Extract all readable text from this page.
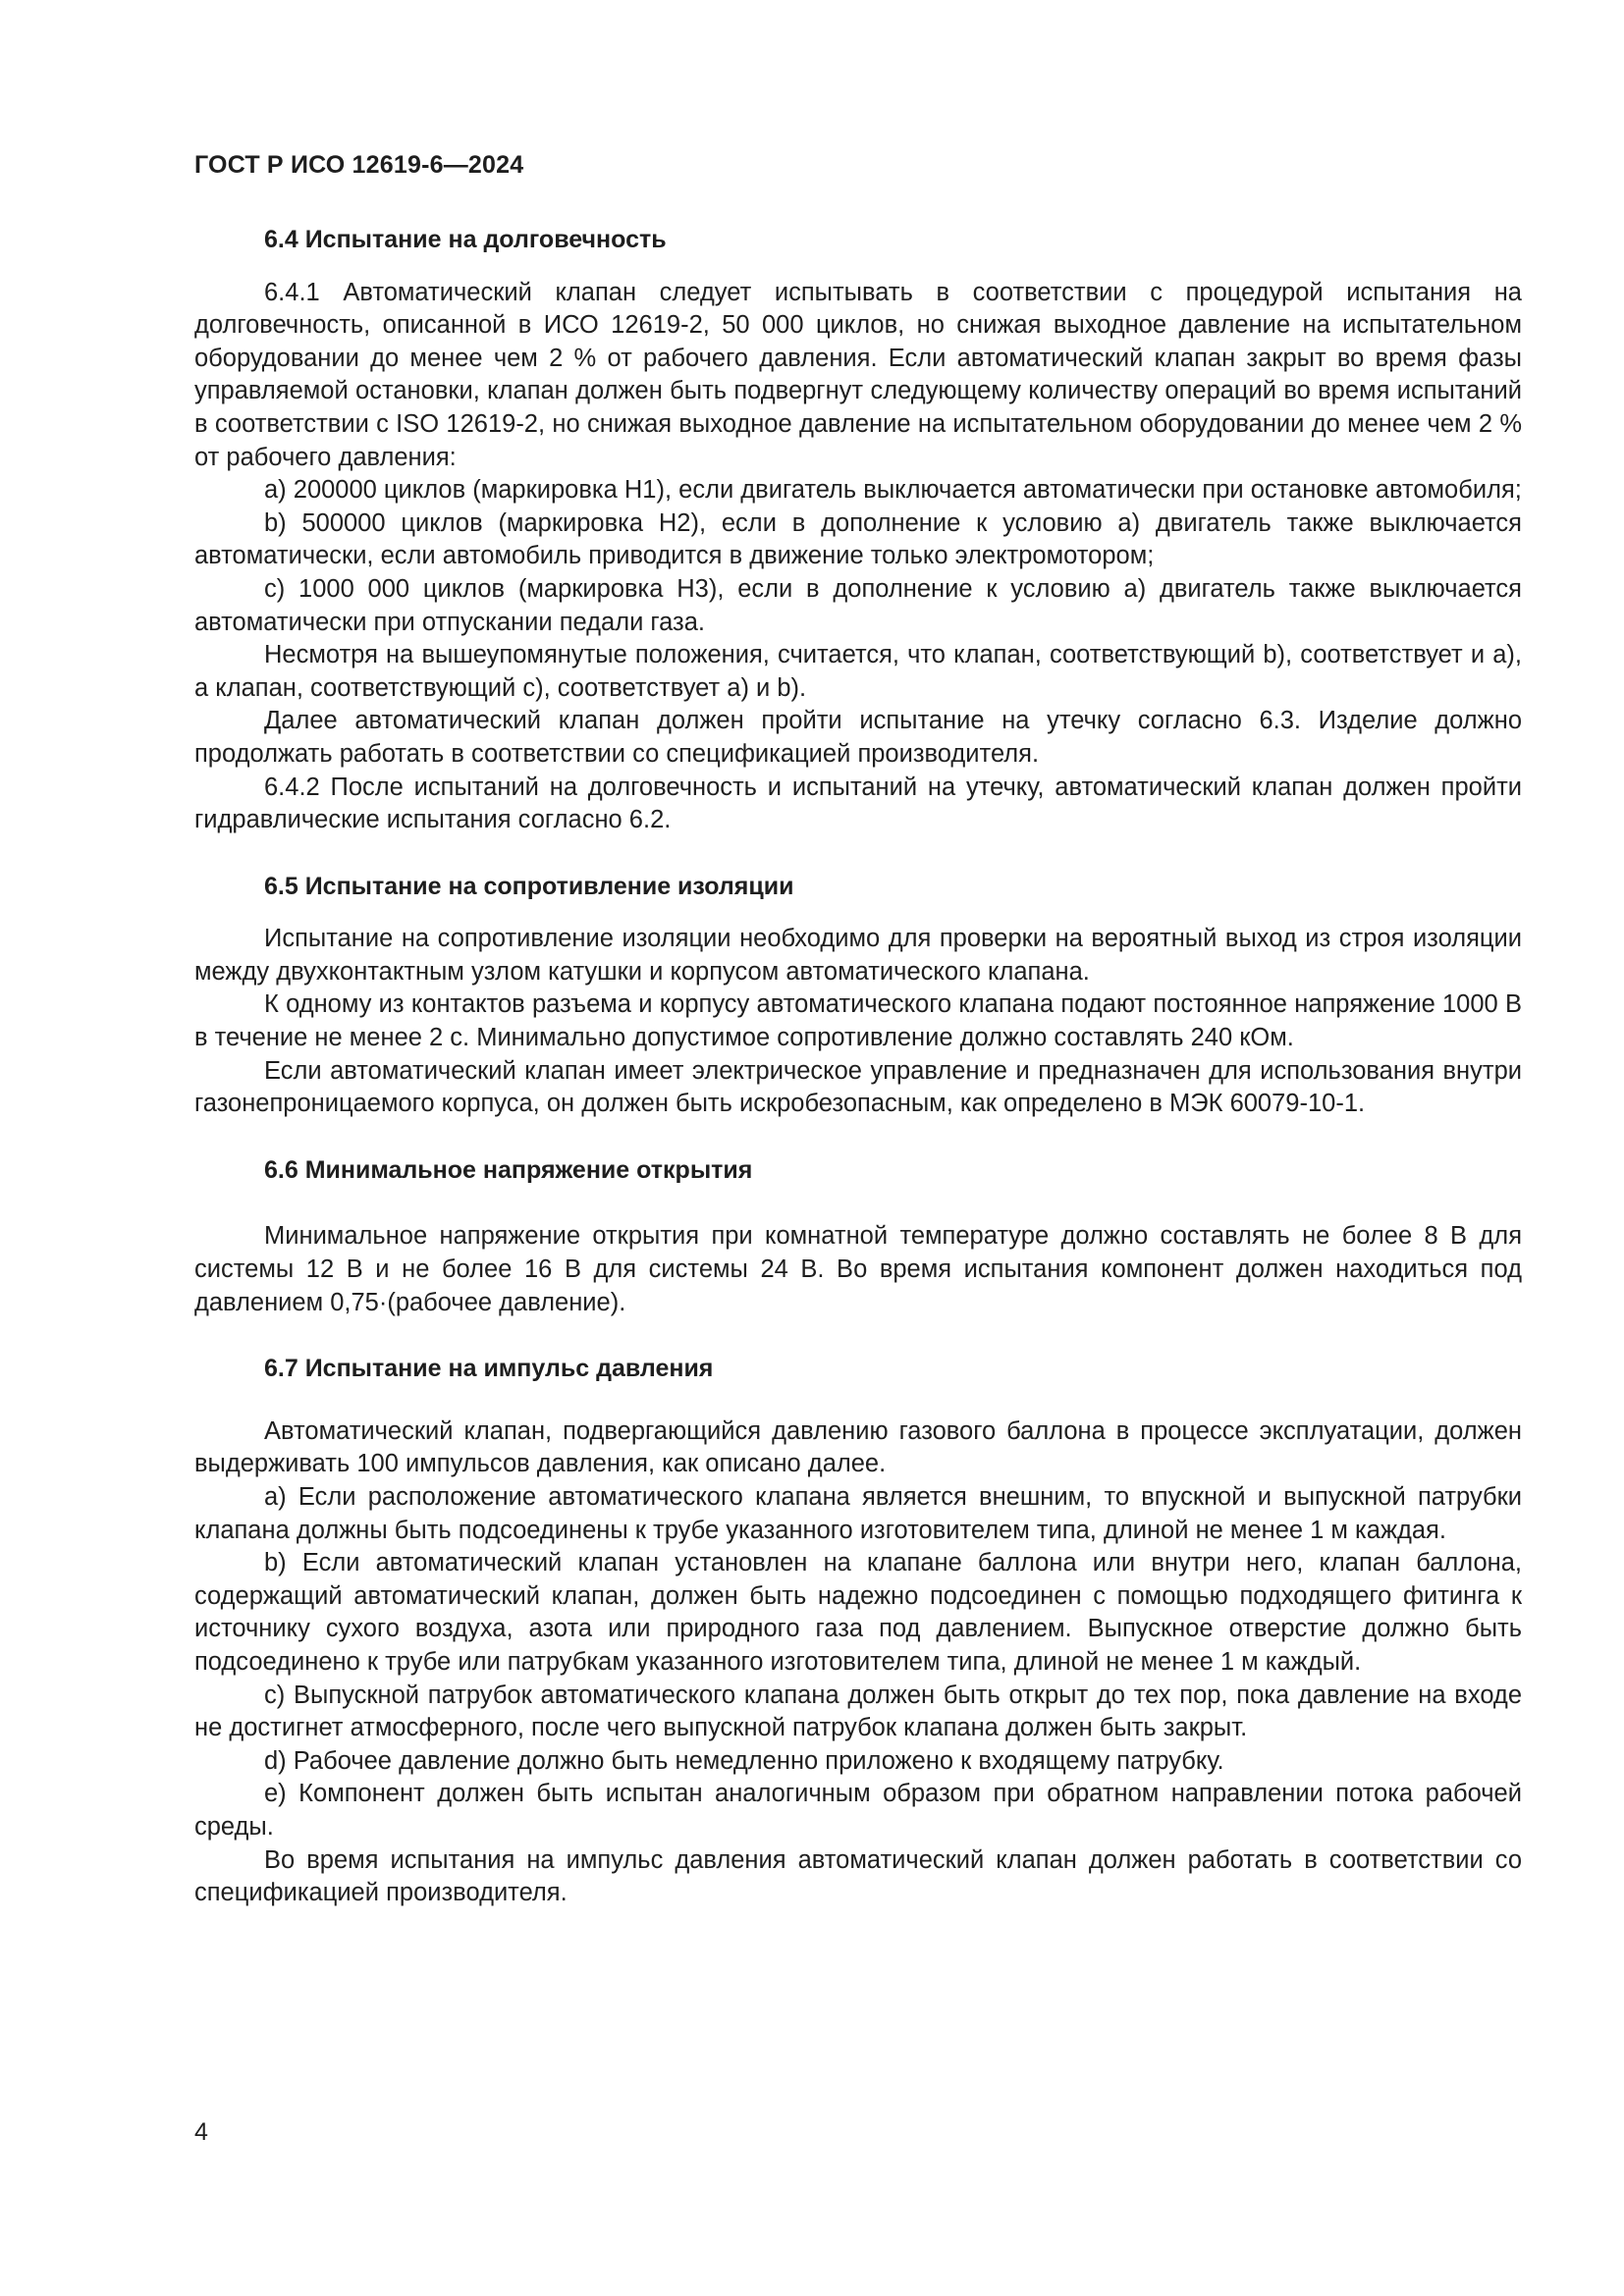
ГОСТ Р ИСО 12619-6—2024
6.4 Испытание на долговечность

6.4.1 Автоматический клапан следует испытывать в соответствии с процедурой испытания на долговечность, описанной в ИСО 12619-2, 50 000 циклов, но снижая выходное давление на испытательном оборудовании до менее чем 2 % от рабочего давления. Если автоматический клапан закрыт во время фазы управляемой остановки, клапан должен быть подвергнут следующему количеству операций во время испытаний в соответствии с ISO 12619-2, но снижая выходное давление на испытательном оборудовании до менее чем 2 % от рабочего давления:

a) 200000 циклов (маркировка H1), если двигатель выключается автоматически при остановке автомобиля;

b) 500000 циклов (маркировка H2), если в дополнение к условию a) двигатель также выключается автоматически, если автомобиль приводится в движение только электромотором;

c) 1000 000 циклов (маркировка H3), если в дополнение к условию a) двигатель также выключается автоматически при отпускании педали газа.

Несмотря на вышеупомянутые положения, считается, что клапан, соответствующий b), соответствует и a), а клапан, соответствующий c), соответствует a) и b).

Далее автоматический клапан должен пройти испытание на утечку согласно 6.3. Изделие должно продолжать работать в соответствии со спецификацией производителя.

6.4.2 После испытаний на долговечность и испытаний на утечку, автоматический клапан должен пройти гидравлические испытания согласно 6.2.

6.5 Испытание на сопротивление изоляции

Испытание на сопротивление изоляции необходимо для проверки на вероятный выход из строя изоляции между двухконтактным узлом катушки и корпусом автоматического клапана.

К одному из контактов разъема и корпусу автоматического клапана подают постоянное напряжение 1000 В в течение не менее 2 с. Минимально допустимое сопротивление должно составлять 240 кОм.

Если автоматический клапан имеет электрическое управление и предназначен для использования внутри газонепроницаемого корпуса, он должен быть искробезопасным, как определено в МЭК 60079-10-1.

6.6 Минимальное напряжение открытия

Минимальное напряжение открытия при комнатной температуре должно составлять не более 8 В для системы 12 В и не более 16 В для системы 24 В. Во время испытания компонент должен находиться под давлением 0,75·(рабочее давление).

6.7 Испытание на импульс давления

Автоматический клапан, подвергающийся давлению газового баллона в процессе эксплуатации, должен выдерживать 100 импульсов давления, как описано далее.

a) Если расположение автоматического клапана является внешним, то впускной и выпускной патрубки клапана должны быть подсоединены к трубе указанного изготовителем типа, длиной не менее 1 м каждая.

b) Если автоматический клапан установлен на клапане баллона или внутри него, клапан баллона, содержащий автоматический клапан, должен быть надежно подсоединен с помощью подходящего фитинга к источнику сухого воздуха, азота или природного газа под давлением. Выпускное отверстие должно быть подсоединено к трубе или патрубкам указанного изготовителем типа, длиной не менее 1 м каждый.

c) Выпускной патрубок автоматического клапана должен быть открыт до тех пор, пока давление на входе не достигнет атмосферного, после чего выпускной патрубок клапана должен быть закрыт.

d) Рабочее давление должно быть немедленно приложено к входящему патрубку.

e) Компонент должен быть испытан аналогичным образом при обратном направлении потока рабочей среды.

Во время испытания на импульс давления автоматический клапан должен работать в соответствии со спецификацией производителя.

4
